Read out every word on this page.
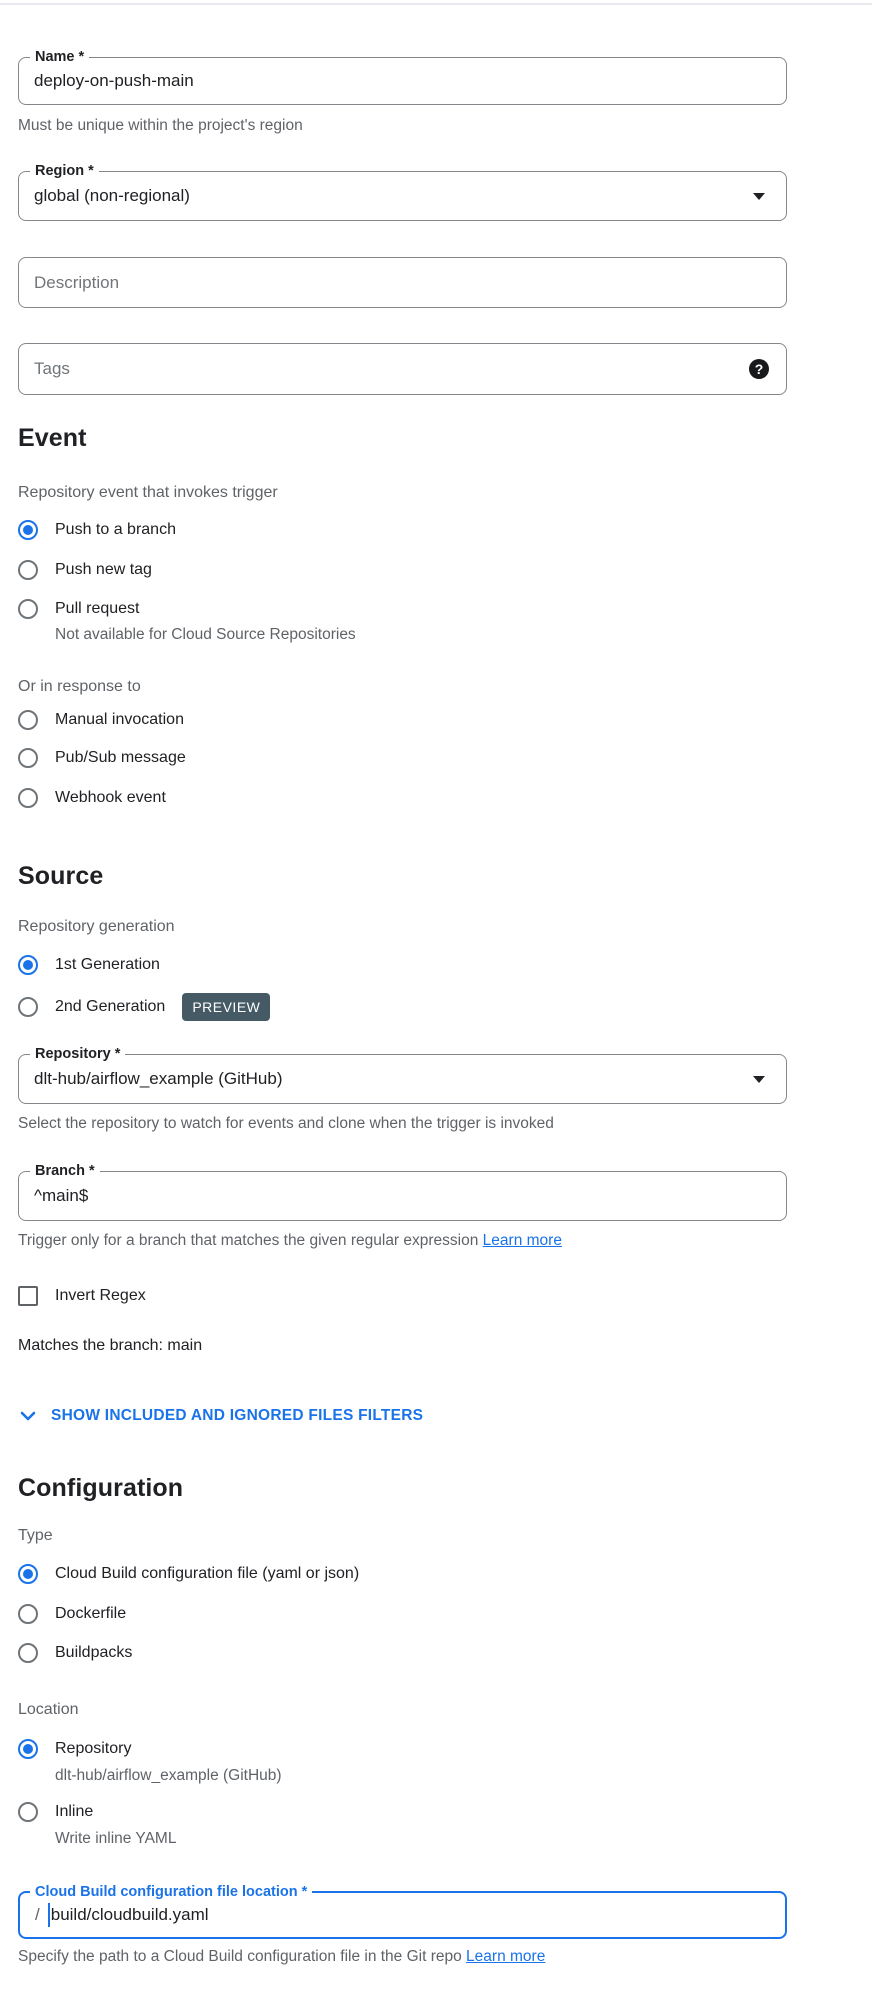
Name *
deploy-on-push-main
Must be unique within the project's region
Region *
global (non-regional)
Description
Tags	?
Event
Repository event that invokes trigger
Push to a branch
Push new tag
Pull request
Not available for Cloud Source Repositories
Or in response to
Manual invocation
Pub/Sub message
Webhook event
Source
Repository generation
1st Generation
2nd Generation	PREVIEW
Repository *
dlt-hub/airflow_example (GitHub)
Select the repository to watch for events and clone when the trigger is invoked
Branch *
^main$
Trigger only for a branch that matches the given regular expression Learn more
Invert Regex
Matches the branch: main
SHOW INCLUDED AND IGNORED FILES FILTERS
Configuration
Type
Cloud Build configuration file (yaml or json)
Dockerfile
Buildpacks
Location
Repository
dlt-hub/airflow_example (GitHub)
Inline
Write inline YAML
Cloud Build configuration file location *
/ build/cloudbuild.yaml
Specify the path to a Cloud Build configuration file in the Git repo Learn more
